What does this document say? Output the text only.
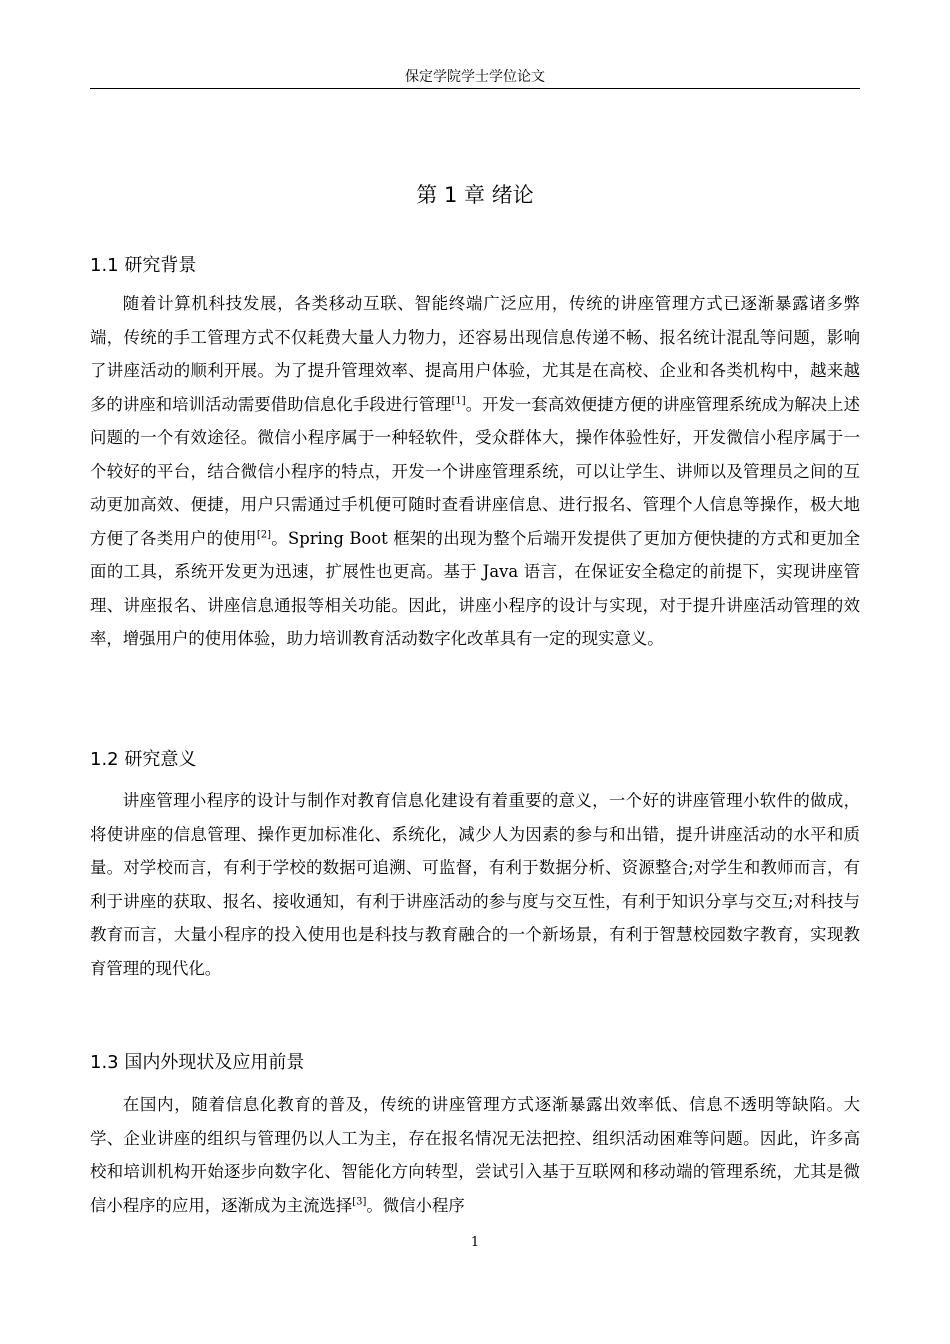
保定学院学士学位论文
第 1 章 绪论
1.1 研究背景

随着计算机科技发展，各类移动互联、智能终端广泛应用，传统的讲座管理方式已逐渐暴露诸多弊端，传统的手工管理方式不仅耗费大量人力物力，还容易出现信息传递不畅、报名统计混乱等问题，影响了讲座活动的顺利开展。为了提升管理效率、提高用户体验，尤其是在高校、企业和各类机构中，越来越多的讲座和培训活动需要借助信息化手段进行管理[1]。开发一套高效便捷方便的讲座管理系统成为解决上述问题的一个有效途径。微信小程序属于一种轻软件，受众群体大，操作体验性好，开发微信小程序属于一个较好的平台，结合微信小程序的特点，开发一个讲座管理系统，可以让学生、讲师以及管理员之间的互动更加高效、便捷，用户只需通过手机便可随时查看讲座信息、进行报名、管理个人信息等操作，极大地方便了各类用户的使用[2]。Spring Boot 框架的出现为整个后端开发提供了更加方便快捷的方式和更加全面的工具，系统开发更为迅速，扩展性也更高。基于 Java 语言，在保证安全稳定的前提下，实现讲座管理、讲座报名、讲座信息通报等相关功能。因此，讲座小程序的设计与实现，对于提升讲座活动管理的效率，增强用户的使用体验，助力培训教育活动数字化改革具有一定的现实意义。

1.2 研究意义

讲座管理小程序的设计与制作对教育信息化建设有着重要的意义，一个好的讲座管理小软件的做成，将使讲座的信息管理、操作更加标准化、系统化，减少人为因素的参与和出错，提升讲座活动的水平和质量。对学校而言，有利于学校的数据可追溯、可监督，有利于数据分析、资源整合;对学生和教师而言，有利于讲座的获取、报名、接收通知，有利于讲座活动的参与度与交互性，有利于知识分享与交互;对科技与教育而言，大量小程序的投入使用也是科技与教育融合的一个新场景，有利于智慧校园数字教育，实现教育管理的现代化。

1.3 国内外现状及应用前景

在国内，随着信息化教育的普及，传统的讲座管理方式逐渐暴露出效率低、信息不透明等缺陷。大学、企业讲座的组织与管理仍以人工为主，存在报名情况无法把控、组织活动困难等问题。因此，许多高校和培训机构开始逐步向数字化、智能化方向转型，尝试引入基于互联网和移动端的管理系统，尤其是微信小程序的应用，逐渐成为主流选择[3]。微信小程序

1
